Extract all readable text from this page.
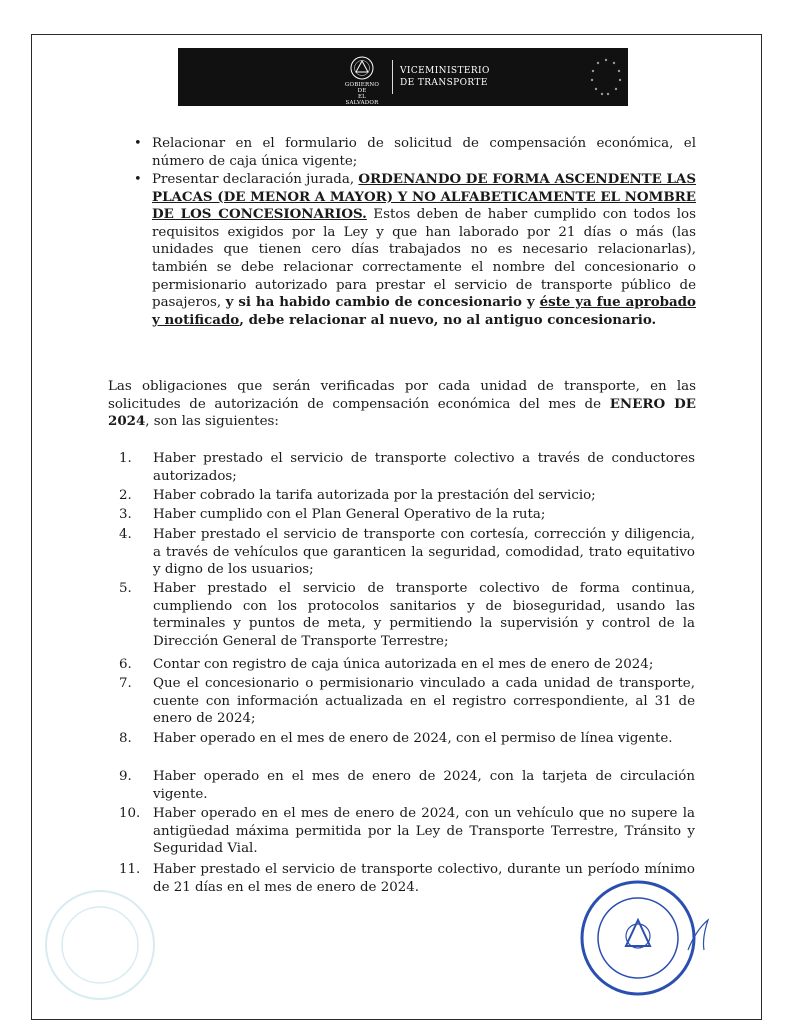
GOBIERNO DE
EL SALVADOR
VICEMINISTERIO
DE TRANSPORTE
• Relacionar en el formulario de solicitud de compensación económica, el número de caja única vigente;
• Presentar declaración jurada, ORDENANDO DE FORMA ASCENDENTE LAS PLACAS (DE MENOR A MAYOR) Y NO ALFABETICAMENTE EL NOMBRE DE LOS CONCESIONARIOS. Estos deben de haber cumplido con todos los requisitos exigidos por la Ley y que han laborado por 21 días o más (las unidades que tienen cero días trabajados no es necesario relacionarlas), también se debe relacionar correctamente el nombre del concesionario o permisionario autorizado para prestar el servicio de transporte público de pasajeros, y si ha habido cambio de concesionario y éste ya fue aprobado y notificado, debe relacionar al nuevo, no al antiguo concesionario.
Las obligaciones que serán verificadas por cada unidad de transporte, en las solicitudes de autorización de compensación económica del mes de ENERO DE 2024, son las siguientes:
1.	Haber prestado el servicio de transporte colectivo a través de conductores autorizados;
2.	Haber cobrado la tarifa autorizada por la prestación del servicio;
3.	Haber cumplido con el Plan General Operativo de la ruta;
4.	Haber prestado el servicio de transporte con cortesía, corrección y diligencia, a través de vehículos que garanticen la seguridad, comodidad, trato equitativo y digno de los usuarios;
5.	Haber prestado el servicio de transporte colectivo de forma continua, cumpliendo con los protocolos sanitarios y de bioseguridad, usando las terminales y puntos de meta, y permitiendo la supervisión y control de la Dirección General de Transporte Terrestre;
6.	Contar con registro de caja única autorizada en el mes de enero de 2024;
7.	Que el concesionario o permisionario vinculado a cada unidad de transporte, cuente con información actualizada en el registro correspondiente, al 31 de enero de 2024;
8.	Haber operado en el mes de enero de 2024, con el permiso de línea vigente.
9.	Haber operado en el mes de enero de 2024, con la tarjeta de circulación vigente.
10. Haber operado en el mes de enero de 2024, con un vehículo que no supere la antigüedad máxima permitida por la Ley de Transporte Terrestre, Tránsito y Seguridad Vial.
11. Haber prestado el servicio de transporte colectivo, durante un período mínimo de 21 días en el mes de enero de 2024.
